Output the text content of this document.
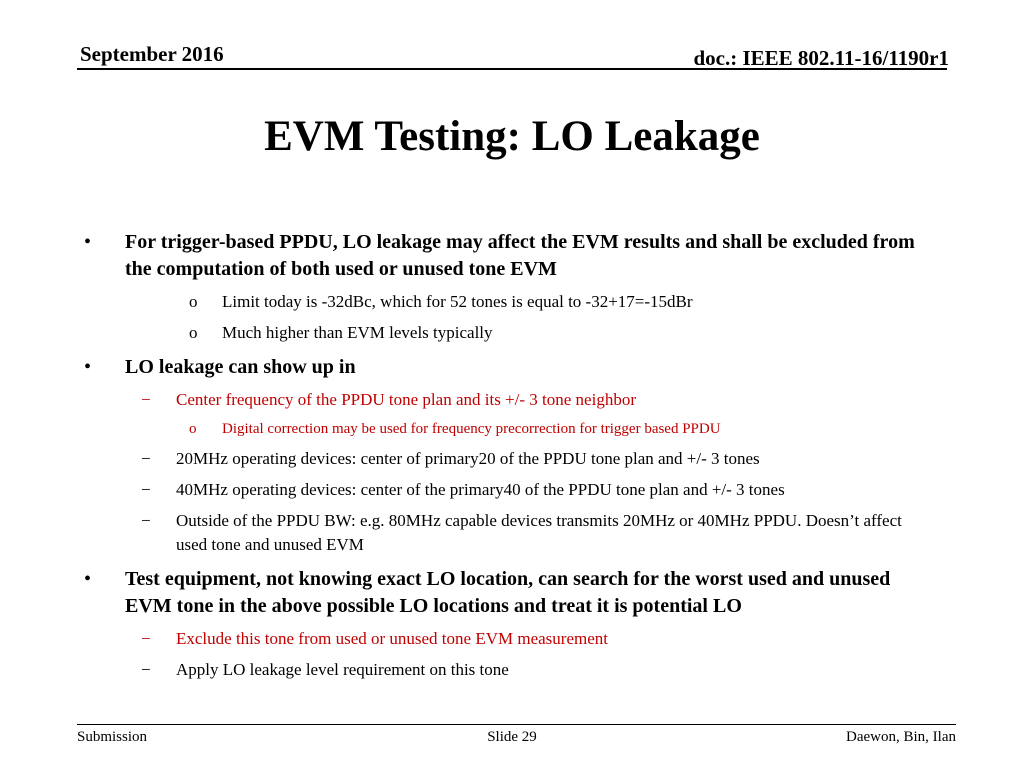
September 2016	doc.: IEEE 802.11-16/1190r1
EVM Testing: LO Leakage
• For trigger-based PPDU, LO leakage may affect the EVM results and shall be excluded from the computation of both used or unused tone EVM
o Limit today is -32dBc, which for 52 tones is equal to -32+17=-15dBr
o Much higher than EVM levels typically
• LO leakage can show up in
− Center frequency of the PPDU tone plan and its +/- 3 tone neighbor
o Digital correction may be used for frequency precorrection for trigger based PPDU
− 20MHz operating devices: center of primary20 of the PPDU tone plan and +/- 3 tones
− 40MHz operating devices: center of the primary40 of the PPDU tone plan and +/- 3 tones
− Outside of the PPDU BW: e.g. 80MHz capable devices transmits 20MHz or 40MHz PPDU. Doesn’t affect used tone and unused EVM
• Test equipment, not knowing exact LO location, can search for the worst used and unused EVM tone in the above possible LO locations and treat it is potential LO
− Exclude this tone from used or unused tone EVM measurement
− Apply LO leakage level requirement on this tone
Submission	Slide 29	Daewon, Bin, Ilan
